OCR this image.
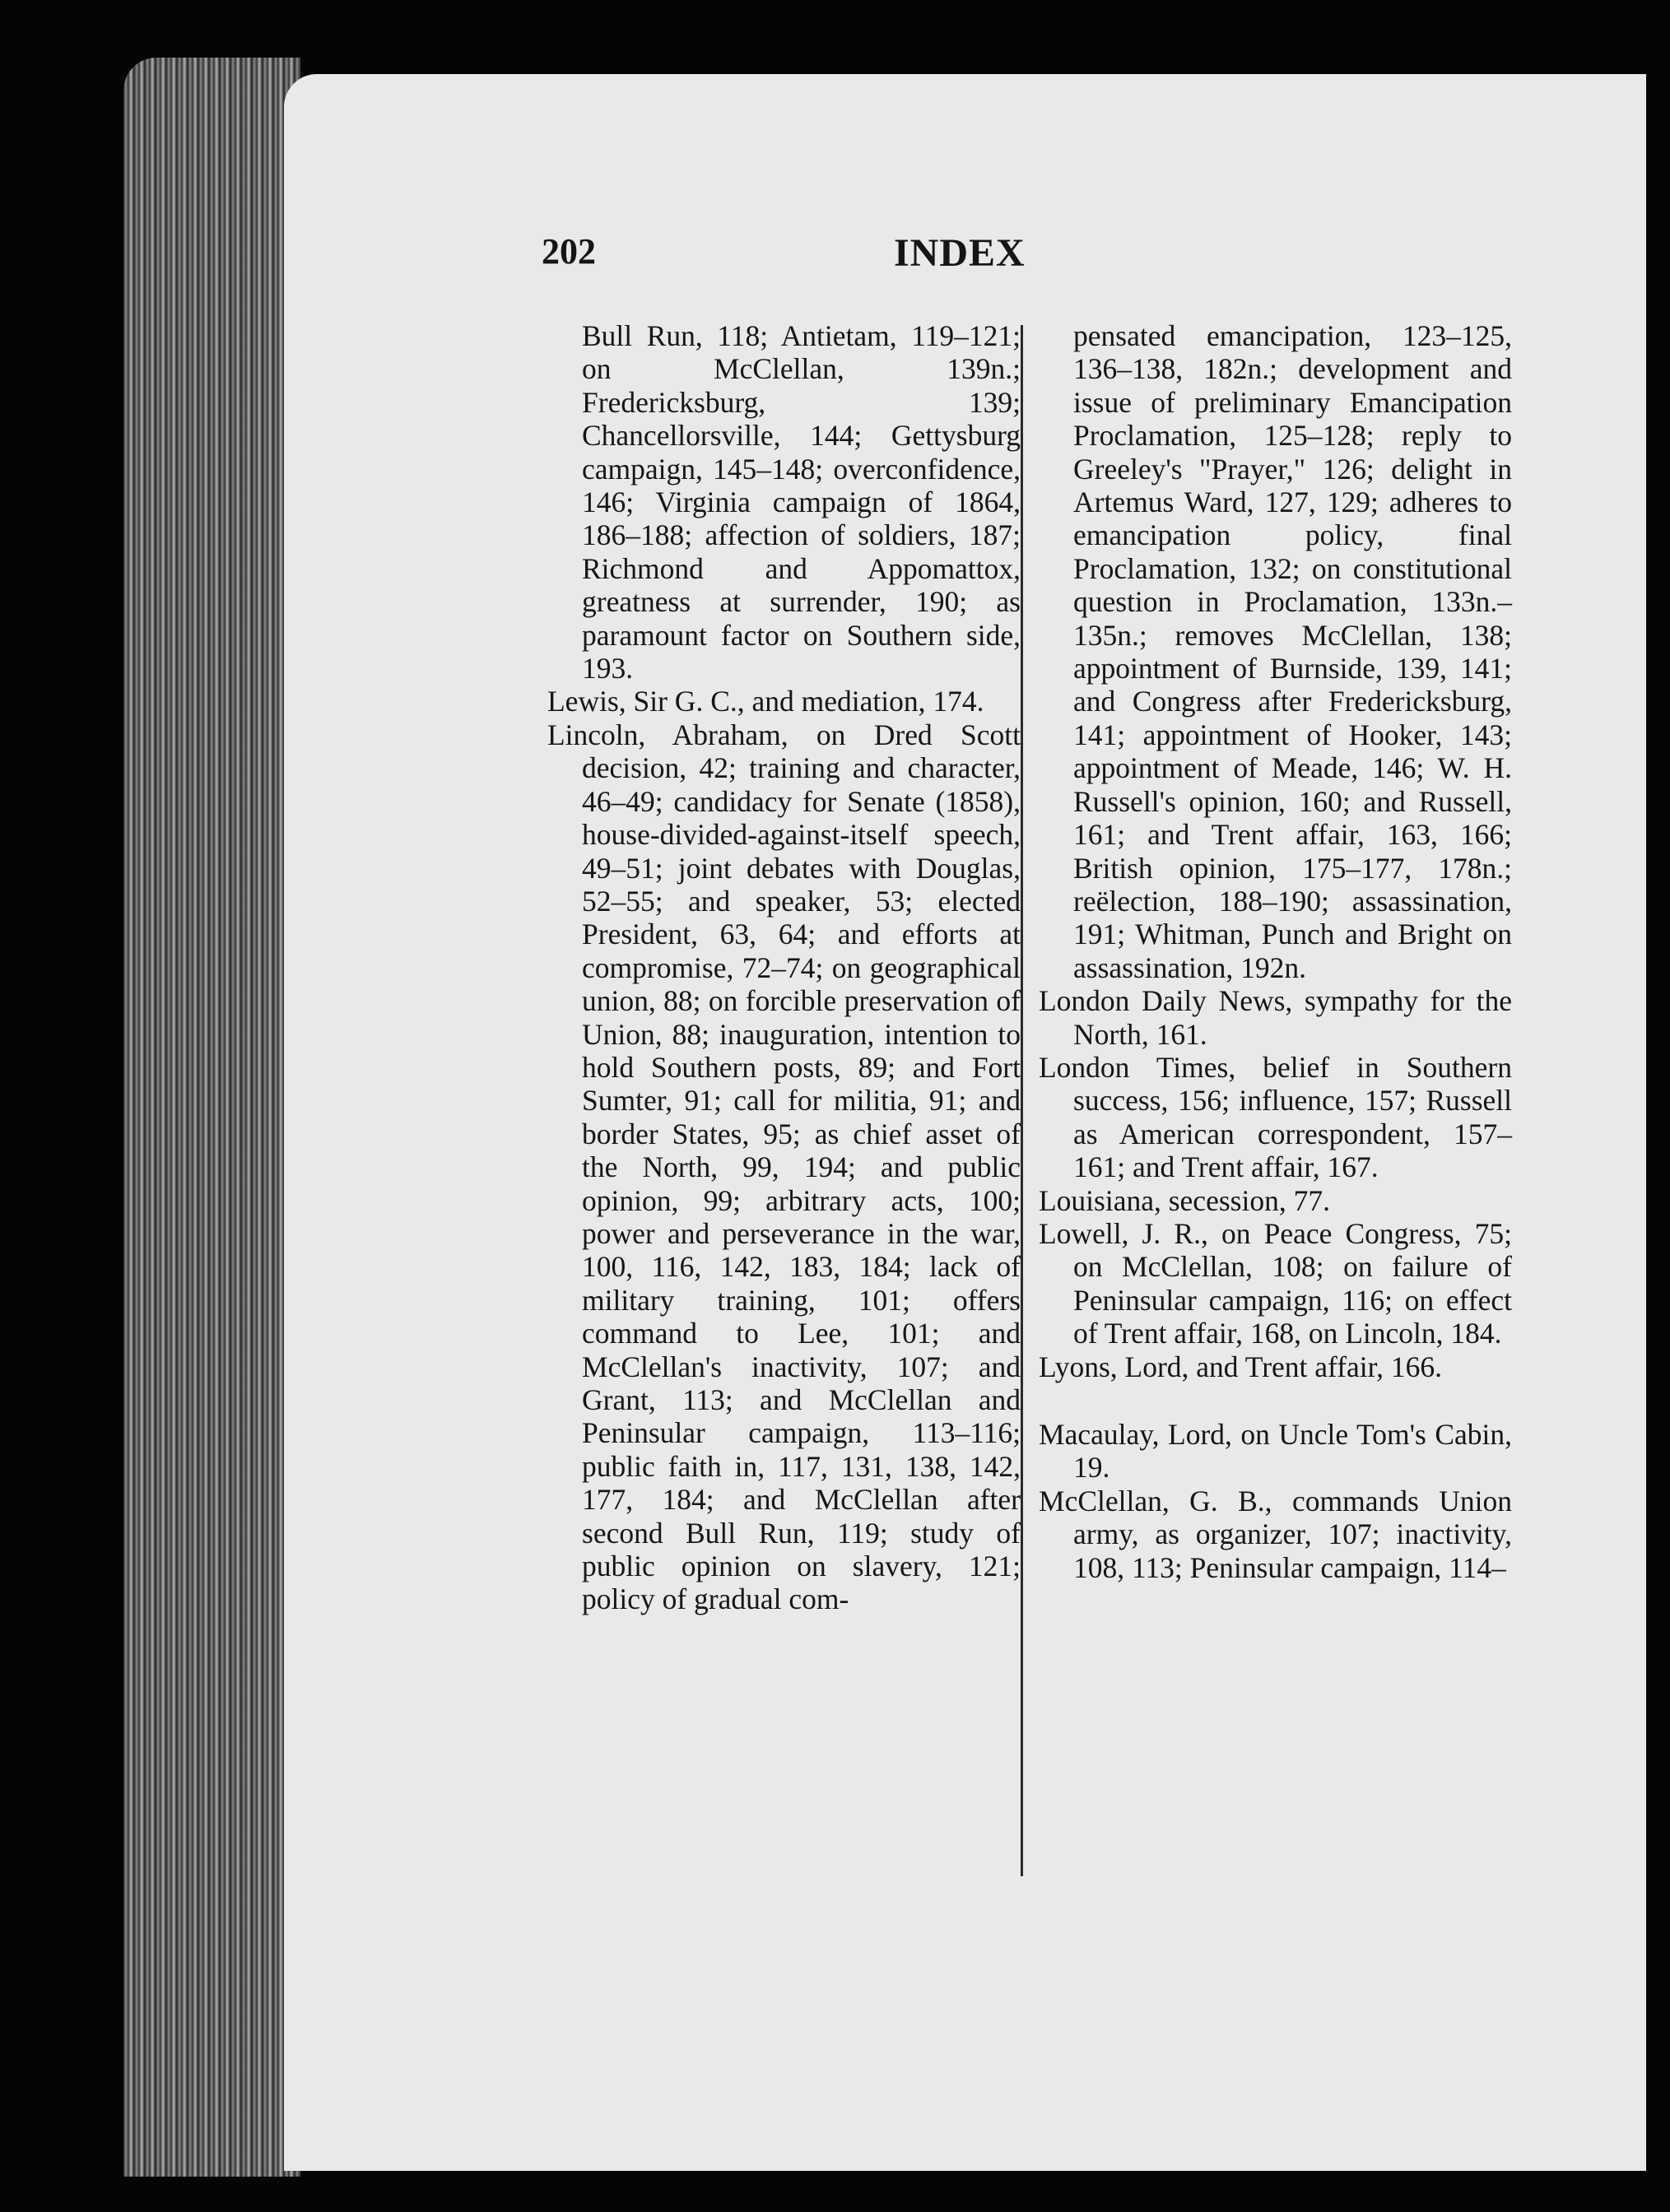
202	INDEX

Bull Run, 118; Antietam, 119–121; on McClellan, 139n.; Fredericksburg, 139; Chancellorsville, 144; Gettysburg campaign, 145–148; overconfidence, 146; Virginia campaign of 1864, 186–188; affection of soldiers, 187; Richmond and Appomattox, greatness at surrender, 190; as paramount factor on Southern side, 193.

Lewis, Sir G. C., and mediation, 174.

Lincoln, Abraham, on Dred Scott decision, 42; training and character, 46–49; candidacy for Senate (1858), house-divided-against-itself speech, 49–51; joint debates with Douglas, 52–55; and speaker, 53; elected President, 63, 64; and efforts at compromise, 72–74; on geographical union, 88; on forcible preservation of Union, 88; inauguration, intention to hold Southern posts, 89; and Fort Sumter, 91; call for militia, 91; and border States, 95; as chief asset of the North, 99, 194; and public opinion, 99; arbitrary acts, 100; power and perseverance in the war, 100, 116, 142, 183, 184; lack of military training, 101; offers command to Lee, 101; and McClellan's inactivity, 107; and Grant, 113; and McClellan and Peninsular campaign, 113–116; public faith in, 117, 131, 138, 142, 177, 184; and McClellan after second Bull Run, 119; study of public opinion on slavery, 121; policy of gradual com-

pensated emancipation, 123–125, 136–138, 182n.; development and issue of preliminary Emancipation Proclamation, 125–128; reply to Greeley's "Prayer," 126; delight in Artemus Ward, 127, 129; adheres to emancipation policy, final Proclamation, 132; on constitutional question in Proclamation, 133n.–135n.; removes McClellan, 138; appointment of Burnside, 139, 141; and Congress after Fredericksburg, 141; appointment of Hooker, 143; appointment of Meade, 146; W. H. Russell's opinion, 160; and Russell, 161; and Trent affair, 163, 166; British opinion, 175–177, 178n.; reëlection, 188–190; assassination, 191; Whitman, Punch and Bright on assassination, 192n.

London Daily News, sympathy for the North, 161.

London Times, belief in Southern success, 156; influence, 157; Russell as American correspondent, 157–161; and Trent affair, 167.

Louisiana, secession, 77.

Lowell, J. R., on Peace Congress, 75; on McClellan, 108; on failure of Peninsular campaign, 116; on effect of Trent affair, 168, on Lincoln, 184.

Lyons, Lord, and Trent affair, 166.

Macaulay, Lord, on Uncle Tom's Cabin, 19.

McClellan, G. B., commands Union army, as organizer, 107; inactivity, 108, 113; Peninsular campaign, 114–
